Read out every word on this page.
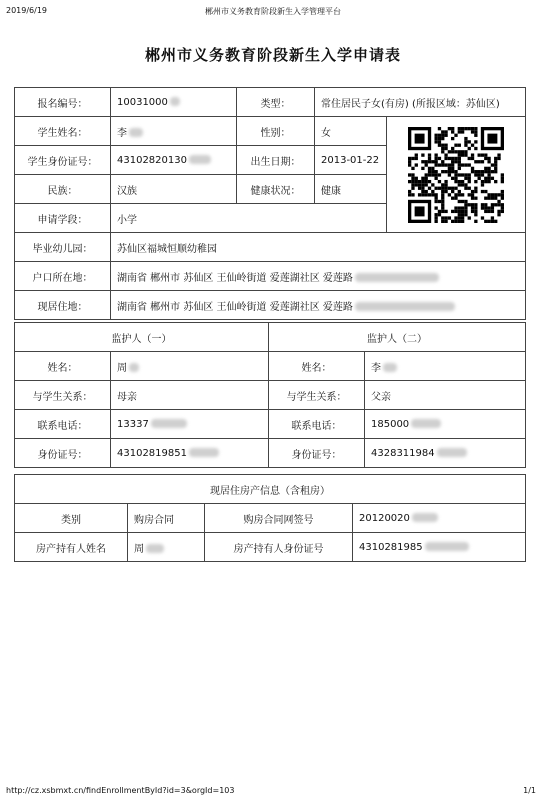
2019/6/19	郴州市义务教育阶段新生入学管理平台
郴州市义务教育阶段新生入学申请表
报名编号：	10031000	类型：	常住居民子女(有房) (所报区域：苏仙区)	
学生姓名：	李	性别：	女	

学生身份证号：	43102820130	出生日期：	2013-01-22	
民族：	汉族	健康状况：	健康	
申请学段：	小学			
毕业幼儿园：	苏仙区福城恒顺幼稚园			
户口所在地：	湖南省 郴州市 苏仙区 王仙岭街道 爱莲湖社区 爱莲路			
现居住地：	湖南省 郴州市 苏仙区 王仙岭街道 爱莲湖社区 爱莲路			
监护人（一）		监护人（二）	
姓名：	周	姓名：	李
与学生关系：	母亲	与学生关系：	父亲
联系电话：	13337	联系电话：	185000
身份证号：	43102819851	身份证号：	4328311984
现居住房产信息（含租房）			
类别	购房合同	购房合同网签号	20120020
房产持有人姓名	周	房产持有人身份证号	4310281985
http://cz.xsbmxt.cn/findEnrollmentById?id=3&orgId=103	1/1
